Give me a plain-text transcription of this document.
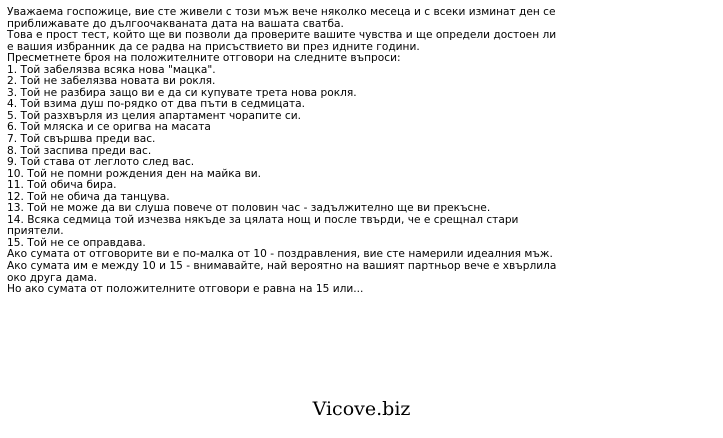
Уважаема госпожице, вие сте живели с този мъж вече няколко месеца и с всеки изминат ден се
приближавате до дългоочакваната дата на вашата сватба.
Това е прост тест, който ще ви позволи да проверите вашите чувства и ще определи достоен ли
е вашия избранник да се радва на присъствието ви през идните години.
Пресметнете броя на положителните отговори на следните въпроси:
1. Той забелязва всяка нова "мацка".
2. Той не забелязва новата ви рокля.
3. Той не разбира защо ви е да си купувате трета нова рокля.
4. Той взима душ по-рядко от два пъти в седмицата.
5. Той разхвърля из целия апартамент чорапите си.
6. Той мляска и се оригва на масата
7. Той свършва преди вас.
8. Той заспива преди вас.
9. Той става от леглото след вас.
10. Той не помни рождения ден на майка ви.
11. Той обича бира.
12. Той не обича да танцува.
13. Той не може да ви слуша повече от половин час - задължително ще ви прекъсне.
14. Всяка седмица той изчезва някъде за цялата нощ и после твърди, че е срещнал стари
приятели.
15. Той не се оправдава.
Ако сумата от отговорите ви е по-малка от 10 - поздравления, вие сте намерили идеалния мъж.
Ако сумата им е между 10 и 15 - внимавайте, най вероятно на вашият партньор вече е хвърлила
око друга дама.
Но ако сумата от положителните отговори е равна на 15 или...
Vicove.biz
